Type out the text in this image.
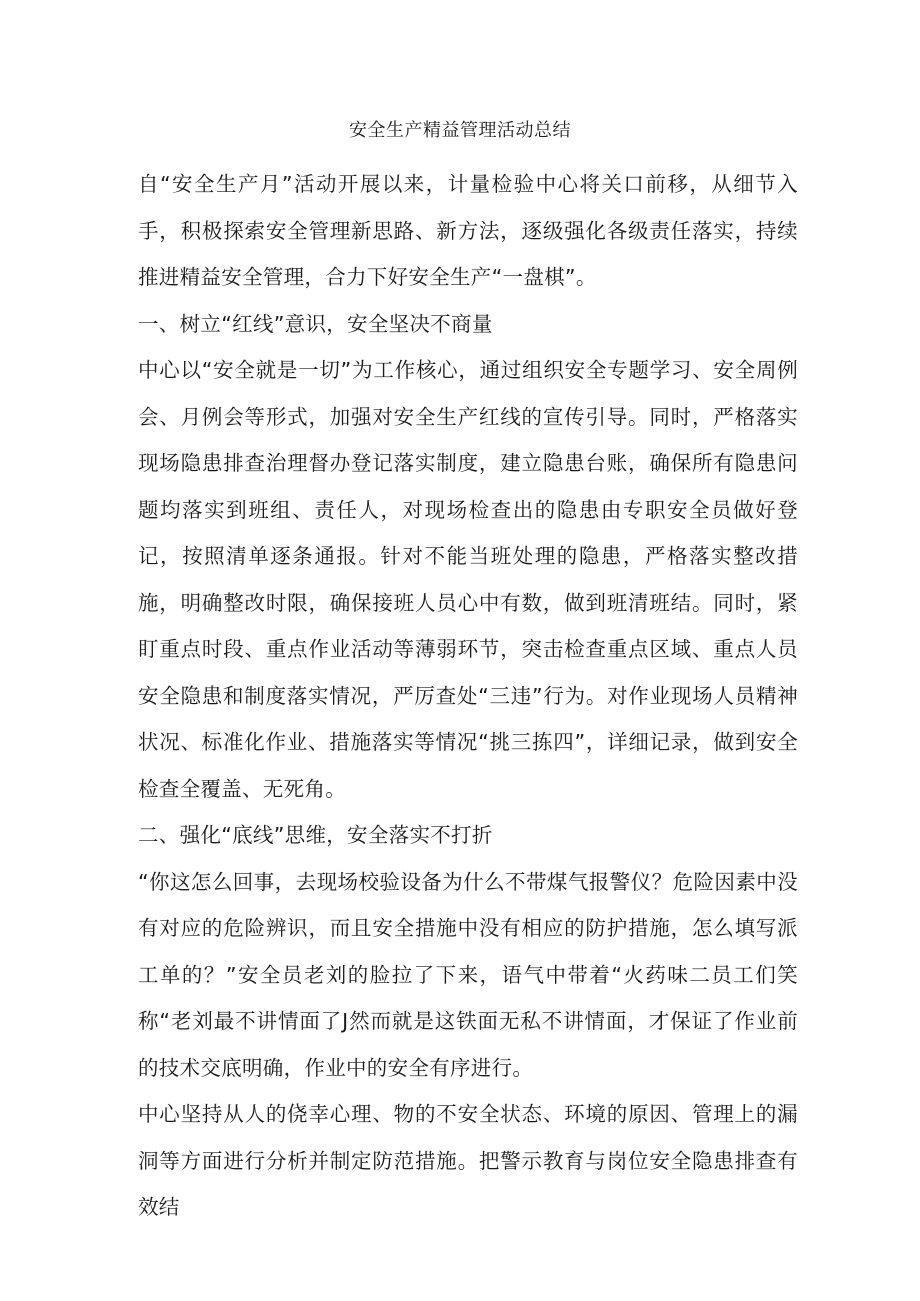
安全生产精益管理活动总结

自“安全生产月”活动开展以来，计量检验中心将关口前移，从细节入手，积极探索安全管理新思路、新方法，逐级强化各级责任落实，持续推进精益安全管理，合力下好安全生产“一盘棋”。

一、树立“红线”意识，安全坚决不商量

中心以“安全就是一切”为工作核心，通过组织安全专题学习、安全周例会、月例会等形式，加强对安全生产红线的宣传引导。同时，严格落实现场隐患排查治理督办登记落实制度，建立隐患台账，确保所有隐患问题均落实到班组、责任人，对现场检查出的隐患由专职安全员做好登记，按照清单逐条通报。针对不能当班处理的隐患，严格落实整改措施，明确整改时限，确保接班人员心中有数，做到班清班结。同时，紧盯重点时段、重点作业活动等薄弱环节，突击检查重点区域、重点人员安全隐患和制度落实情况，严厉查处“三违”行为。对作业现场人员精神状况、标准化作业、措施落实等情况“挑三拣四”，详细记录，做到安全检查全覆盖、无死角。

二、强化“底线”思维，安全落实不打折

“你这怎么回事，去现场校验设备为什么不带煤气报警仪？危险因素中没有对应的危险辨识，而且安全措施中没有相应的防护措施，怎么填写派工单的？”安全员老刘的脸拉了下来，语气中带着“火药味二员工们笑称“老刘最不讲情面了J然而就是这铁面无私不讲情面，才保证了作业前的技术交底明确，作业中的安全有序进行。

中心坚持从人的侥幸心理、物的不安全状态、环境的原因、管理上的漏洞等方面进行分析并制定防范措施。把警示教育与岗位安全隐患排查有效结
